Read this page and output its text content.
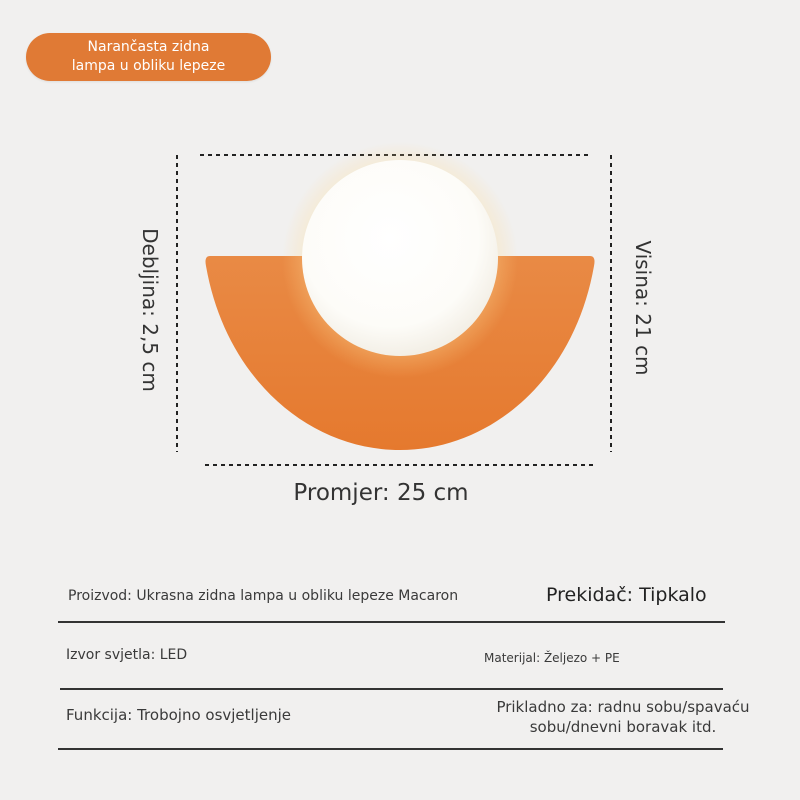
Narančasta zidna
lampa u obliku lepeze
Debljina: 2,5 cm	Visina: 21 cm
Promjer: 25 cm
Proizvod: Ukrasna zidna lampa u obliku lepeze Macaron	Prekidač: Tipkalo
Izvor svjetla: LED	Materijal: Željezo + PE
Funkcija: Trobojno osvjetljenje	Prikladno za: radnu sobu/spavaću
sobu/dnevni boravak itd.
